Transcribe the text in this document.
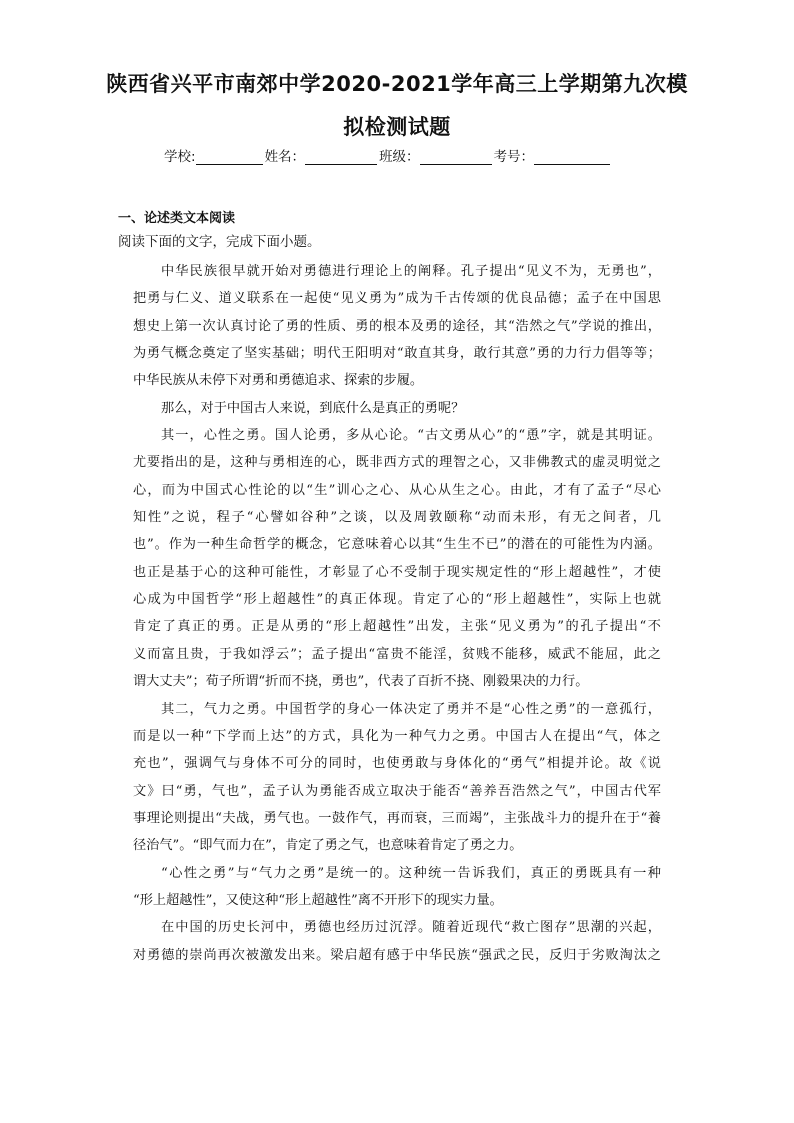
陕西省兴平市南郊中学2020-2021学年高三上学期第九次模
拟检测试题
学校:	姓名：	班级：	考号：
一、论述类文本阅读
阅读下面的文字，完成下面小题。
中华民族很早就开始对勇德进行理论上的阐释。孔子提出“见义不为，无勇也”，
把勇与仁义、道义联系在一起使“见义勇为”成为千古传颂的优良品德；孟子在中国思
想史上第一次认真讨论了勇的性质、勇的根本及勇的途径，其“浩然之气”学说的推出，
为勇气概念奠定了坚实基础；明代王阳明对“敢直其身，敢行其意”勇的力行力倡等等；
中华民族从未停下对勇和勇德追求、探索的步履。
那么，对于中国古人来说，到底什么是真正的勇呢？
其一，心性之勇。国人论勇，多从心论。“古文勇从心”的“恿”字，就是其明证。
尤要指出的是，这种与勇相连的心，既非西方式的理智之心，又非佛教式的虚灵明觉之
心，而为中国式心性论的以“生”训心之心、从心从生之心。由此，才有了孟子“尽心
知性”之说，程子“心譬如谷种”之谈，以及周敦颐称“动而未形，有无之间者，几
也”。作为一种生命哲学的概念，它意味着心以其“生生不已”的潜在的可能性为内涵。
也正是基于心的这种可能性，才彰显了心不受制于现实规定性的“形上超越性”，才使
心成为中国哲学“形上超越性”的真正体现。肯定了心的“形上超越性”，实际上也就
肯定了真正的勇。正是从勇的“形上超越性”出发，主张“见义勇为”的孔子提出“不
义而富且贵，于我如浮云”；孟子提出“富贵不能淫，贫贱不能移，威武不能屈，此之
谓大丈夫”；荀子所谓“折而不挠，勇也”，代表了百折不挠、刚毅果决的力行。
其二，气力之勇。中国哲学的身心一体决定了勇并不是“心性之勇”的一意孤行，
而是以一种“下学而上达”的方式，具化为一种气力之勇。中国古人在提出“气，体之
充也”，强调气与身体不可分的同时，也使勇敢与身体化的“勇气”相提并论。故《说
文》曰“勇，气也”，孟子认为勇能否成立取决于能否“善养吾浩然之气”，中国古代军
事理论则提出“夫战，勇气也。一鼓作气，再而衰，三而竭”，主张战斗力的提升在于“養
径治气”。“即气而力在”，肯定了勇之气，也意味着肯定了勇之力。
“心性之勇”与“气力之勇”是统一的。这种统一告诉我们，真正的勇既具有一种
“形上超越性”，又使这种“形上超越性”离不开形下的现实力量。
在中国的历史长河中，勇德也经历过沉浮。随着近现代“救亡图存”思潮的兴起，
对勇德的崇尚再次被激发出来。梁启超有感于中华民族“强武之民，反归于劣败淘汰之
